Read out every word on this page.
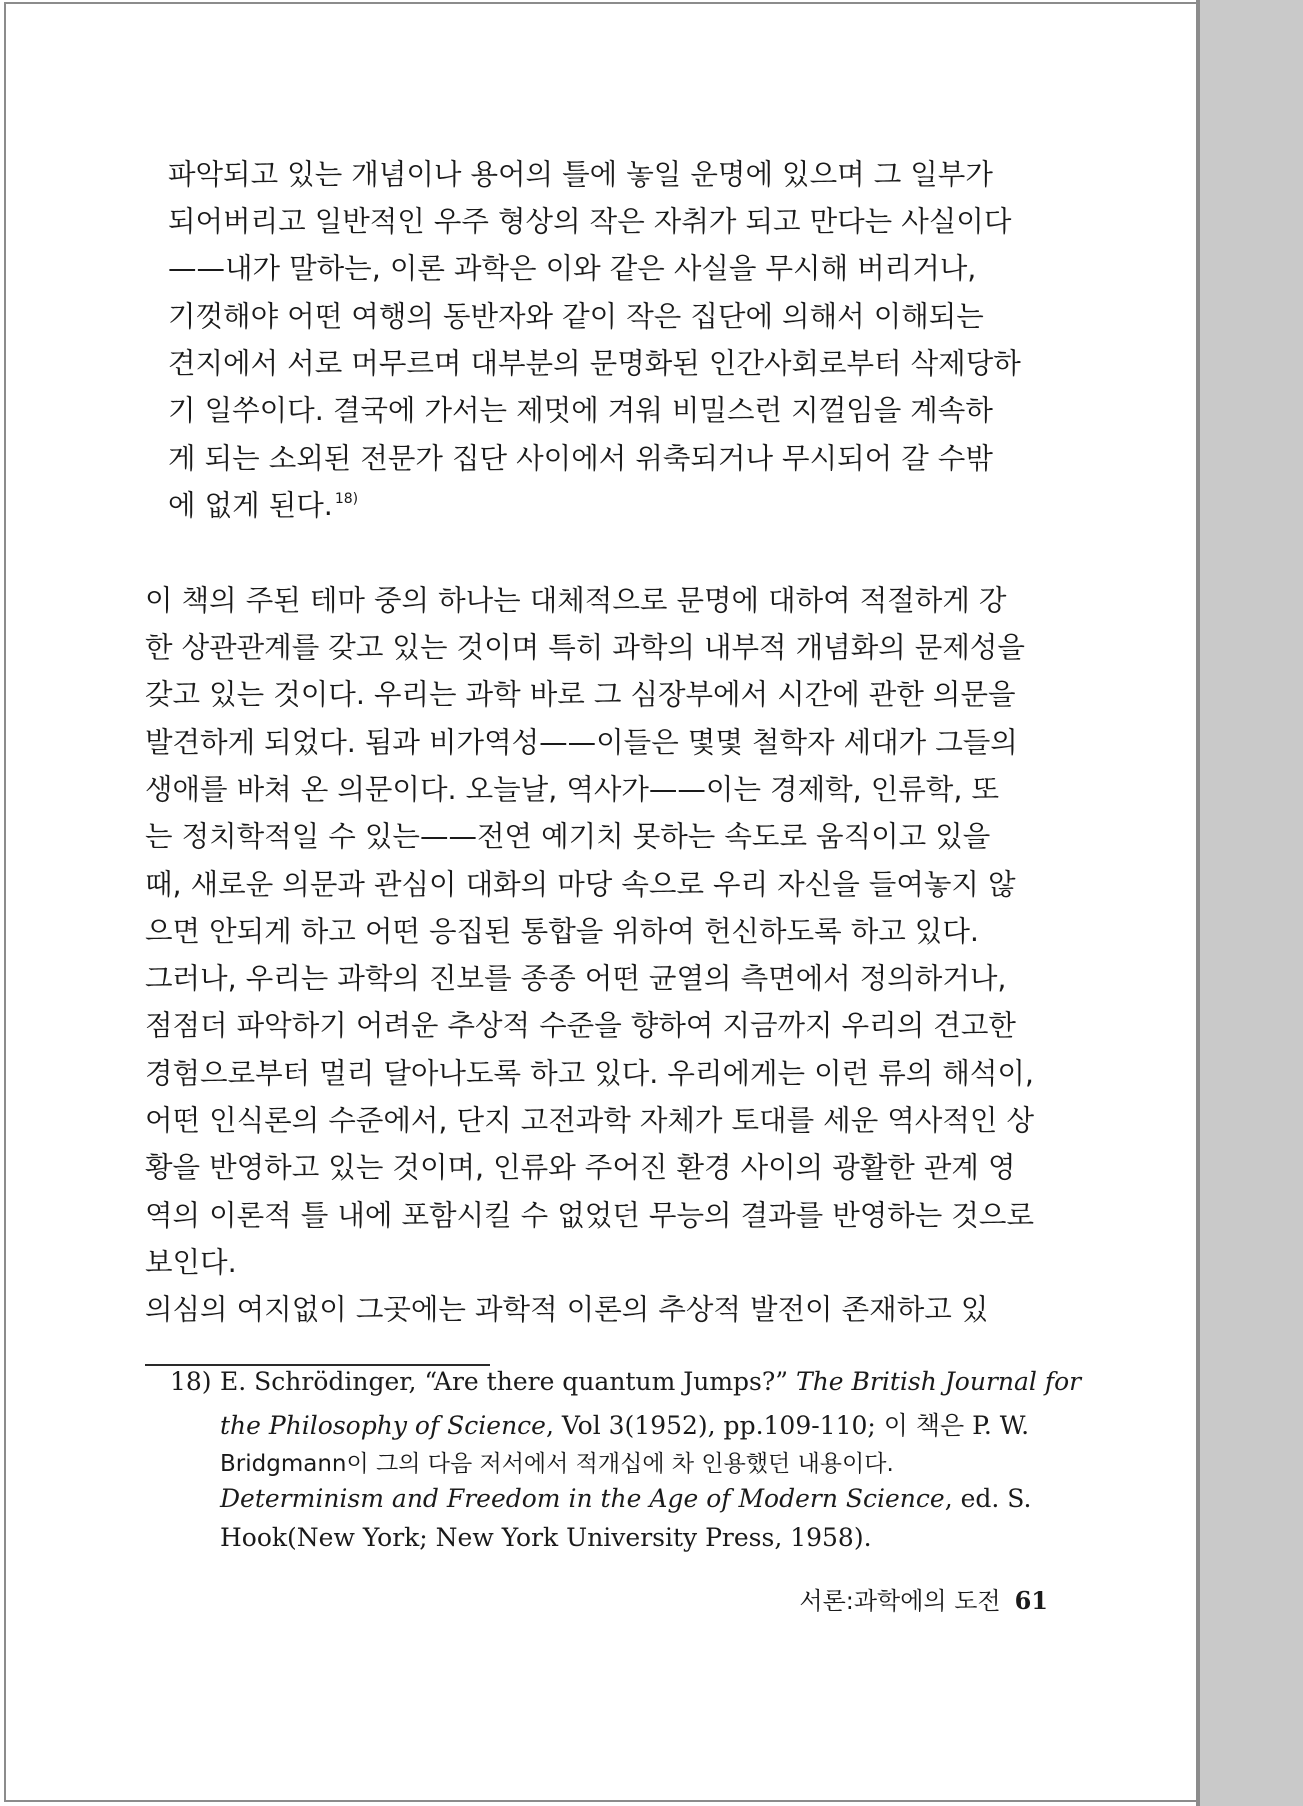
파악되고 있는 개념이나 용어의 틀에 놓일 운명에 있으며 그 일부가
되어버리고 일반적인 우주 형상의 작은 자취가 되고 만다는 사실이다
——내가 말하는, 이론 과학은 이와 같은 사실을 무시해 버리거나,
기껏해야 어떤 여행의 동반자와 같이 작은 집단에 의해서 이해되는
견지에서 서로 머무르며 대부분의 문명화된 인간사회로부터 삭제당하
기 일쑤이다. 결국에 가서는 제멋에 겨워 비밀스런 지껄임을 계속하
게 되는 소외된 전문가 집단 사이에서 위축되거나 무시되어 갈 수밖
에 없게 된다. $^{18)}$
이 책의 주된 테마 중의 하나는 대체적으로 문명에 대하여 적절하게 강
한 상관관계를 갖고 있는 것이며 특히 과학의 내부적 개념화의 문제성을
갖고 있는 것이다. 우리는 과학 바로 그 심장부에서 시간에 관한 의문을
발견하게 되었다. 됨과 비가역성——이들은 몇몇 철학자 세대가 그들의
생애를 바쳐 온 의문이다. 오늘날, 역사가——이는 경제학, 인류학, 또
는 정치학적일 수 있는——전연 예기치 못하는 속도로 움직이고 있을
때, 새로운 의문과 관심이 대화의 마당 속으로 우리 자신을 들여놓지 않
으면 안되게 하고 어떤 응집된 통합을 위하여 헌신하도록 하고 있다.
그러나, 우리는 과학의 진보를 종종 어떤 균열의 측면에서 정의하거나,
점점더 파악하기 어려운 추상적 수준을 향하여 지금까지 우리의 견고한
경험으로부터 멀리 달아나도록 하고 있다. 우리에게는 이런 류의 해석이,
어떤 인식론의 수준에서, 단지 고전과학 자체가 토대를 세운 역사적인 상
황을 반영하고 있는 것이며, 인류와 주어진 환경 사이의 광활한 관계 영
역의 이론적 틀 내에 포함시킬 수 없었던 무능의 결과를 반영하는 것으로
보인다.
의심의 여지없이 그곳에는 과학적 이론의 추상적 발전이 존재하고 있
18) E. Schrödinger, “Are there quantum Jumps?” The British Journal for
the Philosophy of Science, Vol 3(1952), pp.109-110; 이 책은 P. W.
Bridgmann이 그의 다음 저서에서 적개십에 차 인용했던 내용이다.
Determinism and Freedom in the Age of Modern Science, ed. S.
Hook(New York; New York University Press, 1958).
서론:과학에의 도전 61
